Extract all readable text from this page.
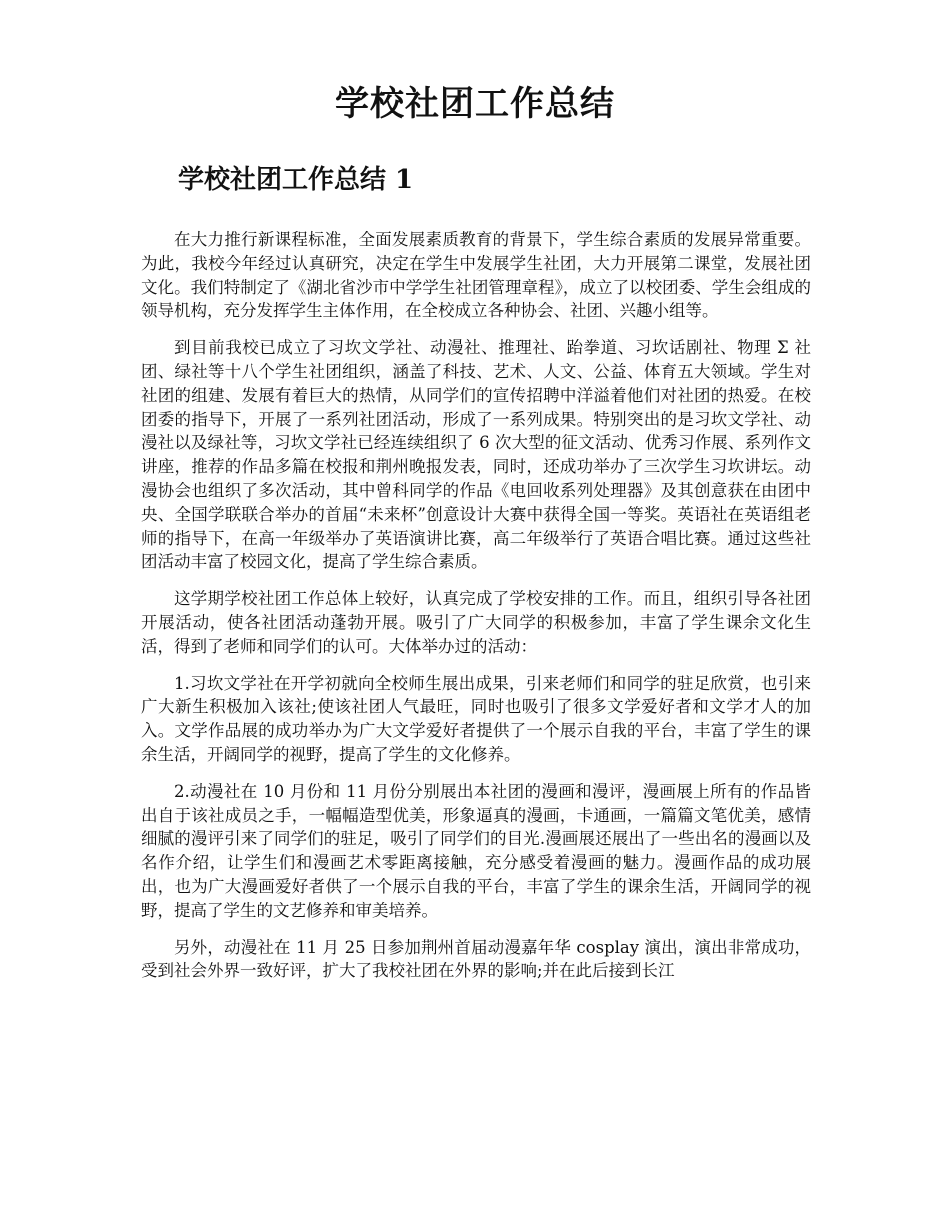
学校社团工作总结
学校社团工作总结 1

在大力推行新课程标准，全面发展素质教育的背景下，学生综合素质的发展异常重要。为此，我校今年经过认真研究，决定在学生中发展学生社团，大力开展第二课堂，发展社团文化。我们特制定了《湖北省沙市中学学生社团管理章程》，成立了以校团委、学生会组成的领导机构，充分发挥学生主体作用，在全校成立各种协会、社团、兴趣小组等。

到目前我校已成立了习坎文学社、动漫社、推理社、跆拳道、习坎话剧社、物理 Σ 社团、绿社等十八个学生社团组织，涵盖了科技、艺术、人文、公益、体育五大领域。学生对社团的组建、发展有着巨大的热情，从同学们的宣传招聘中洋溢着他们对社团的热爱。在校团委的指导下，开展了一系列社团活动，形成了一系列成果。特别突出的是习坎文学社、动漫社以及绿社等，习坎文学社已经连续组织了 6 次大型的征文活动、优秀习作展、系列作文讲座，推荐的作品多篇在校报和荆州晚报发表，同时，还成功举办了三次学生习坎讲坛。动漫协会也组织了多次活动，其中曾科同学的作品《电回收系列处理器》及其创意获在由团中央、全国学联联合举办的首届“未来杯”创意设计大赛中获得全国一等奖。英语社在英语组老师的指导下，在高一年级举办了英语演讲比赛，高二年级举行了英语合唱比赛。通过这些社团活动丰富了校园文化，提高了学生综合素质。

这学期学校社团工作总体上较好，认真完成了学校安排的工作。而且，组织引导各社团开展活动，使各社团活动蓬勃开展。吸引了广大同学的积极参加，丰富了学生课余文化生活，得到了老师和同学们的认可。大体举办过的活动：

1.习坎文学社在开学初就向全校师生展出成果，引来老师们和同学的驻足欣赏，也引来广大新生积极加入该社;使该社团人气最旺，同时也吸引了很多文学爱好者和文学才人的加入。文学作品展的成功举办为广大文学爱好者提供了一个展示自我的平台，丰富了学生的课余生活，开阔同学的视野，提高了学生的文化修养。

2.动漫社在 10 月份和 11 月份分别展出本社团的漫画和漫评，漫画展上所有的作品皆出自于该社成员之手，一幅幅造型优美，形象逼真的漫画，卡通画，一篇篇文笔优美，感情细腻的漫评引来了同学们的驻足，吸引了同学们的目光.漫画展还展出了一些出名的漫画以及名作介绍，让学生们和漫画艺术零距离接触，充分感受着漫画的魅力。漫画作品的成功展出，也为广大漫画爱好者供了一个展示自我的平台，丰富了学生的课余生活，开阔同学的视野，提高了学生的文艺修养和审美培养。

另外，动漫社在 11 月 25 日参加荆州首届动漫嘉年华 cosplay 演出，演出非常成功，受到社会外界一致好评，扩大了我校社团在外界的影响;并在此后接到长江
